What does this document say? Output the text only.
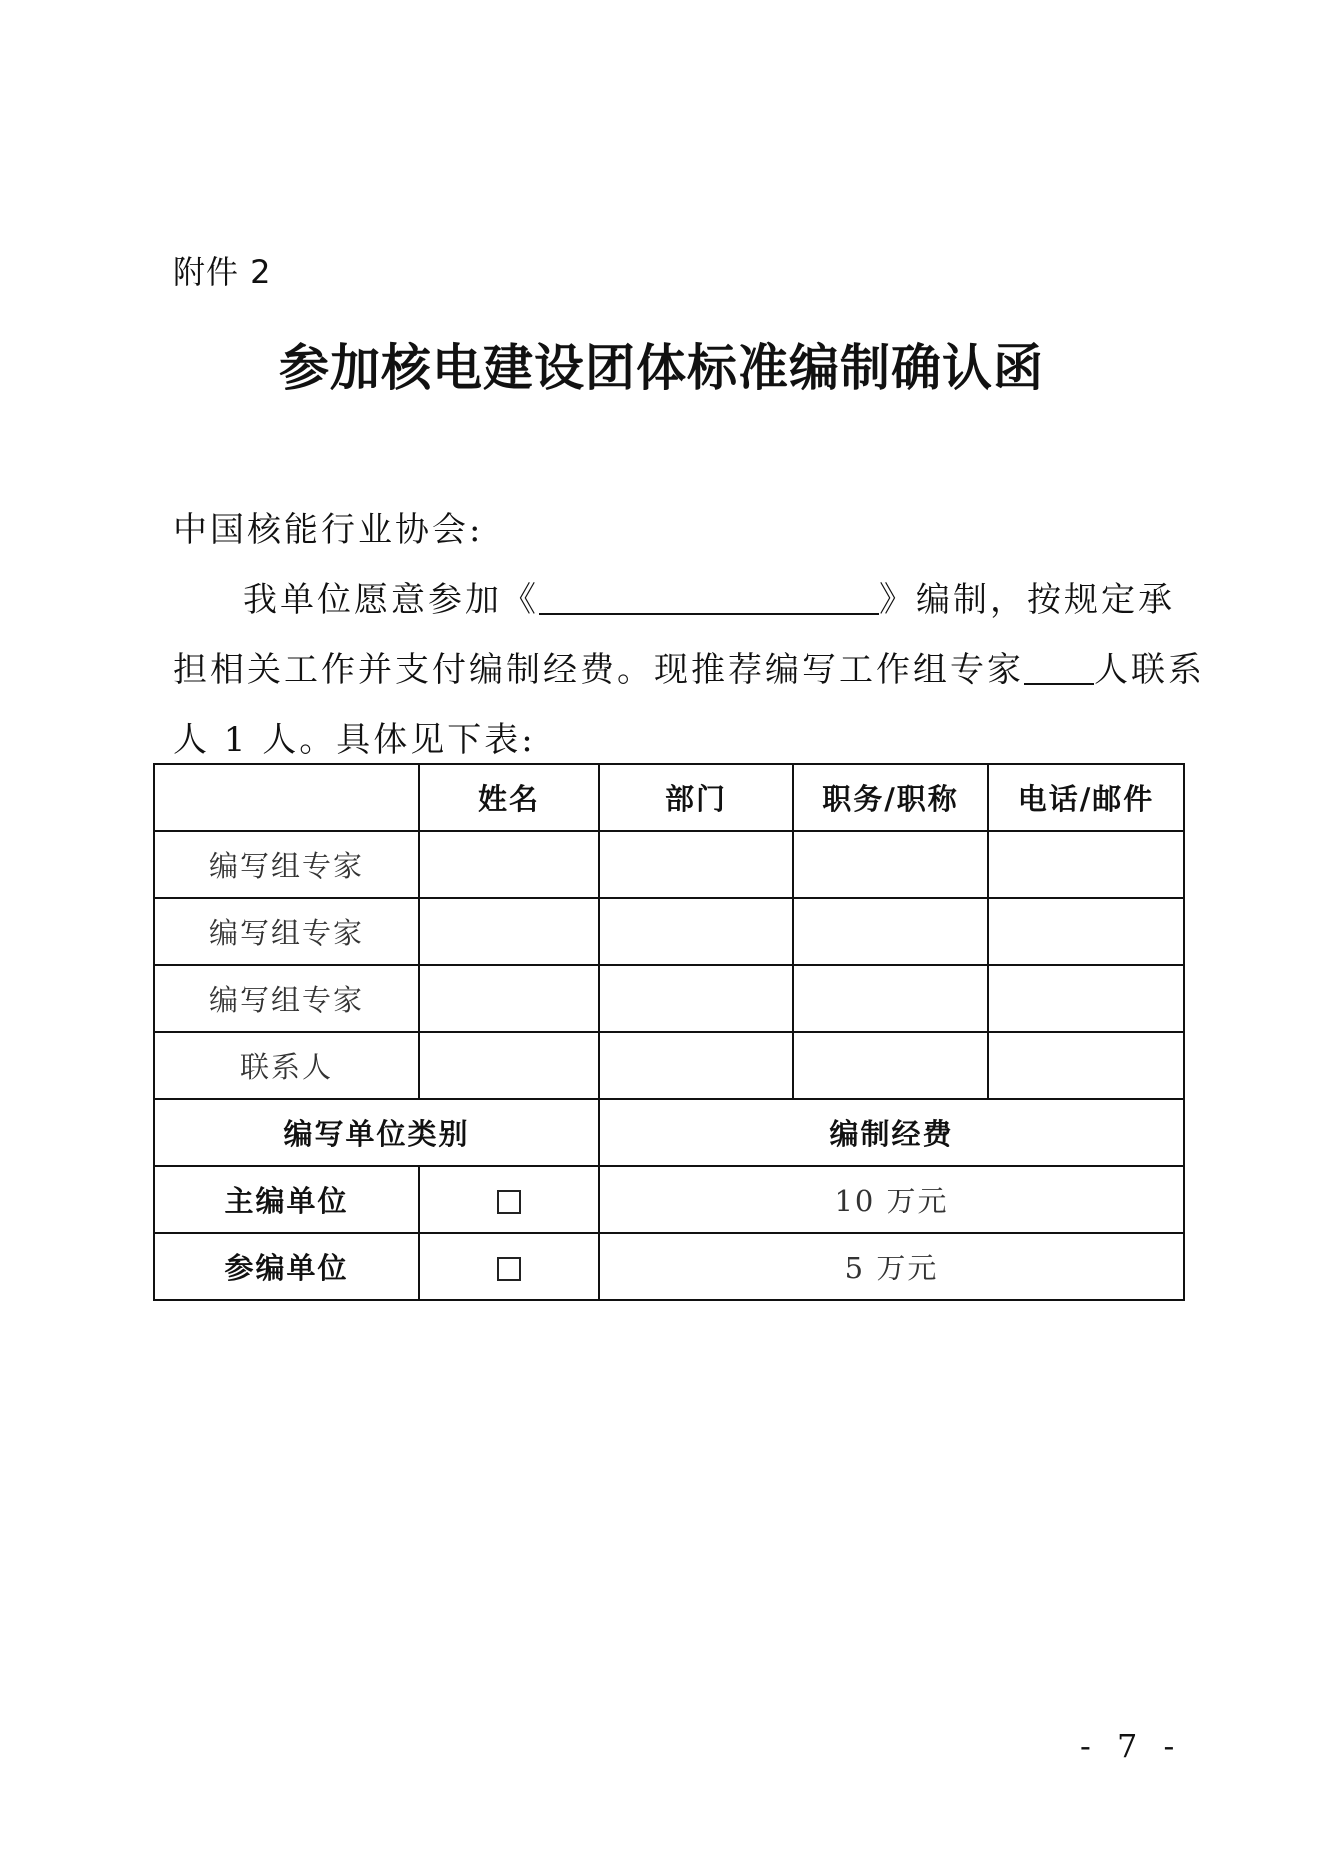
附件 2
参加核电建设团体标准编制确认函
中国核能行业协会:
我单位愿意参加《	》编制，按规定承
担相关工作并支付编制经费。现推荐编写工作组专家 人联系
人 1 人。具体见下表:
	姓名	部门	职务/职称	电话/邮件
编写组专家				
编写组专家				
编写组专家				
联系人				
编写单位类别		编制经费		
主编单位		10 万元		
参编单位		5 万元		
- 7 -
